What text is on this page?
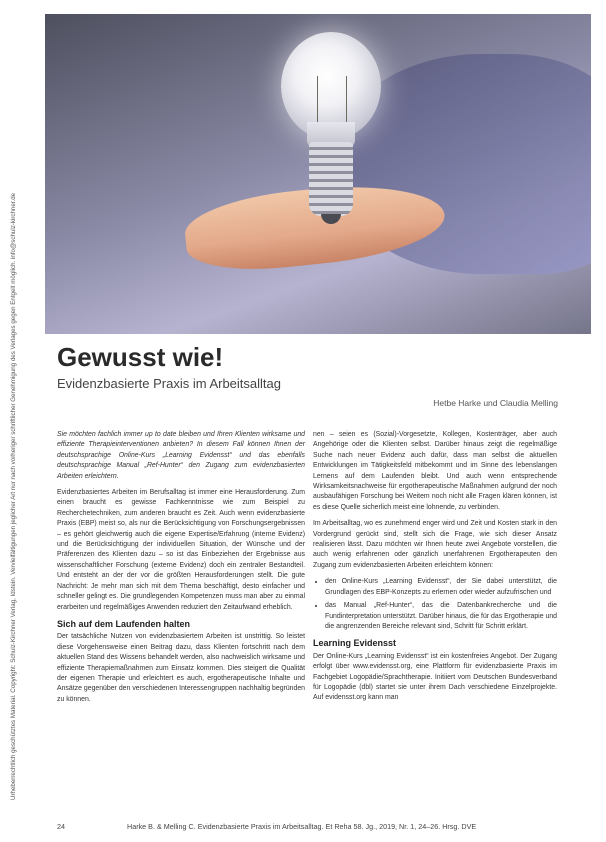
Urheberrechtlich geschütztes Material. Copyright: Schulz-Kirchner Verlag, Idstein. Vervielfältigungen jeglicher Art nur nach vorheriger schriftlicher Genehmigung des Verlages gegen Entgelt möglich. info@schulz-kirchner.de Gewusst wie!

Evidenzbasierte Praxis im Arbeitsalltag

Hetbe Harke und Claudia Melling

Sie möchten fachlich immer up to date bleiben und Ihren Klienten wirksame und effiziente Therapieinterventionen anbieten? In diesem Fall können Ihnen der deutschsprachige Online-Kurs „Learning Evidensst“ und das ebenfalls deutschsprachige Manual „Ref-Hunter“ den Zugang zum evidenzbasierten Arbeiten erleichtern.

Evidenzbasiertes Arbeiten im Berufsalltag ist immer eine Herausforderung. Zum einen braucht es gewisse Fachkenntnisse wie zum Beispiel zu Recherchetechniken, zum anderen braucht es Zeit. Auch wenn evidenzbasierte Praxis (EBP) meist so, als nur die Berücksichtigung von Forschungsergebnissen – es gehört gleichwertig auch die eigene Expertise/Erfahrung (interne Evidenz) und die Berücksichtigung der individuellen Situation, der Wünsche und der Präferenzen des Klienten dazu – so ist das Einbeziehen der Ergebnisse aus wissenschaftlicher Forschung (externe Evidenz) doch ein zentraler Bestandteil. Und entsteht an der der vor die größten Herausforderungen stellt. Die gute Nachricht: Je mehr man sich mit dem Thema beschäftigt, desto einfacher und schneller gelingt es. Die grundlegenden Kompetenzen muss man aber zu einmal erarbeiten und regelmäßiges Anwenden reduziert den Zeitaufwand erheblich.

Sich auf dem Laufenden halten

Der tatsächliche Nutzen von evidenzbasiertem Arbeiten ist unstrittig. So leistet diese Vorgehensweise einen Beitrag dazu, dass Klienten fortschritt nach dem aktuellen Stand des Wissens behandelt werden, also nachweislich wirksame und effiziente Therapiemaßnahmen zum Einsatz kommen. Dies steigert die Qualität der eigenen Therapie und erleichtert es auch, ergotherapeutische Inhalte und Ansätze gegenüber den verschiedenen Interessengruppen nachhaltig begründen zu können.

nen – seien es (Sozial)-Vorgesetzte, Kollegen, Kostenträger, aber auch Angehörige oder die Klienten selbst. Darüber hinaus zeigt die regelmäßige Suche nach neuer Evidenz auch dafür, dass man selbst die aktuellen Entwicklungen im Tätigkeitsfeld mitbekommt und im Sinne des lebenslangen Lernens auf dem Laufenden bleibt. Und auch wenn entsprechende Wirksamkeitsnachweise für ergotherapeutische Maßnahmen aufgrund der noch ausbaufähigen Forschung bei Weitem noch nicht alle Fragen klären können, ist es diese Quelle sicherlich meist eine lohnende, zu verbinden.

Im Arbeitsalltag, wo es zunehmend enger wird und Zeit und Kosten stark in den Vordergrund gerückt sind, stellt sich die Frage, wie sich dieser Ansatz realisieren lässt. Dazu möchten wir Ihnen heute zwei Angebote vorstellen, die auch wenig erfahrenen oder gänzlich unerfahrenen Ergotherapeuten den Zugang zum evidenzbasierten Arbeiten erleichtern können:

• den Online-Kurs „Learning Evidensst“, der Sie dabei unterstützt, die Grundlagen des EBP-Konzepts zu erlernen oder wieder aufzufrischen und
• das Manual „Ref-Hunter“, das die Datenbankrecherche und die Fundinterpretation unterstützt. Darüber hinaus, die für das Ergotherapie und die angrenzenden Bereiche relevant sind, Schritt für Schritt erklärt.
Learning Evidensst

Der Online-Kurs „Learning Evidensst“ ist ein kostenfreies Angebot. Der Zugang erfolgt über www.evidensst.org, eine Plattform für evidenzbasierte Praxis im Fachgebiet Logopädie/Sprachtherapie. Initiiert vom Deutschen Bundesverband für Logopädie (dbl) startet sie unter ihrem Dach verschiedene Einzelprojekte. Auf evidensst.org kann man

24	Harke B. & Melling C. Evidenzbasierte Praxis im Arbeitsalltag. Et Reha 58. Jg., 2019, Nr. 1, 24–26. Hrsg. DVE
